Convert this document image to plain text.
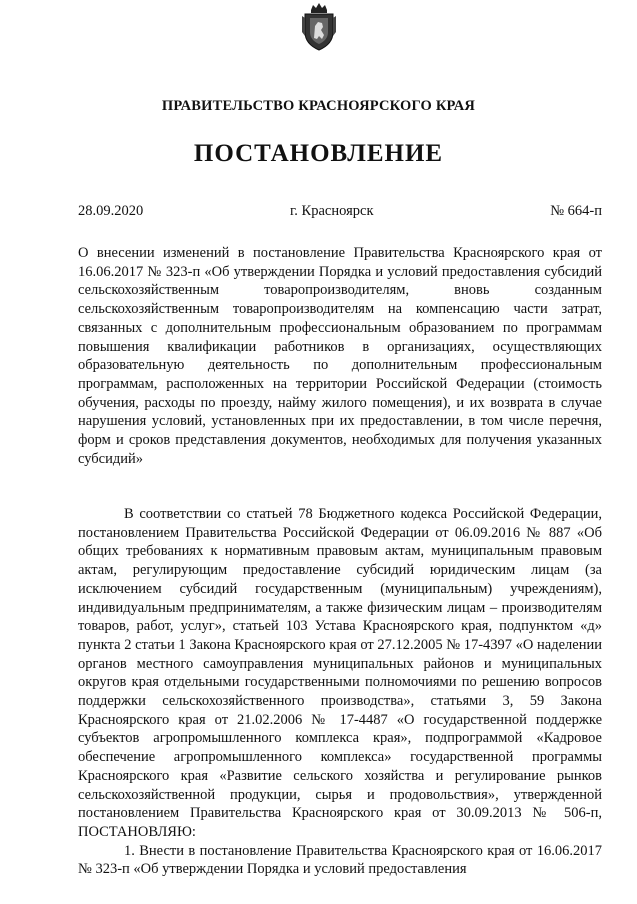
ПРАВИТЕЛЬСТВО КРАСНОЯРСКОГО КРАЯ
ПОСТАНОВЛЕНИЕ
28.09.2020	г. Красноярск	№ 664-п

О внесении изменений в постановление Правительства Красноярского края от 16.06.2017 № 323-п «Об утверждении Порядка и условий предоставления субсидий сельскохозяйственным товаропроизводителям, вновь созданным сельскохозяйственным товаропроизводителям на компенсацию части затрат, связанных с дополнительным профессиональным образованием по программам повышения квалификации работников в организациях, осуществляющих образовательную деятельность по дополнительным профессиональным программам, расположенных на территории Российской Федерации (стоимость обучения, расходы по проезду, найму жилого помещения), и их возврата в случае нарушения условий, установленных при их предоставлении, в том числе перечня, форм и сроков представления документов, необходимых для получения указанных субсидий»

В соответствии со статьей 78 Бюджетного кодекса Российской Федерации, постановлением Правительства Российской Федерации от 06.09.2016 № 887 «Об общих требованиях к нормативным правовым актам, муниципальным правовым актам, регулирующим предоставление субсидий юридическим лицам (за исключением субсидий государственным (муниципальным) учреждениям), индивидуальным предпринимателям, а также физическим лицам – производителям товаров, работ, услуг», статьей 103 Устава Красноярского края, подпунктом «д» пункта 2 статьи 1 Закона Красноярского края от 27.12.2005 № 17-4397 «О наделении органов местного самоуправления муниципальных районов и муниципальных округов края отдельными государственными полномочиями по решению вопросов поддержки сельскохозяйственного производства», статьями 3, 59 Закона Красноярского края от 21.02.2006 № 17-4487 «О государственной поддержке субъектов агропромышленного комплекса края», подпрограммой «Кадровое обеспечение агропромышленного комплекса» государственной программы Красноярского края «Развитие сельского хозяйства и регулирование рынков сельскохозяйственной продукции, сырья и продовольствия», утвержденной постановлением Правительства Красноярского края от 30.09.2013 № 506-п, ПОСТАНОВЛЯЮ:

1. Внести в постановление Правительства Красноярского края от 16.06.2017 № 323-п «Об утверждении Порядка и условий предоставления
